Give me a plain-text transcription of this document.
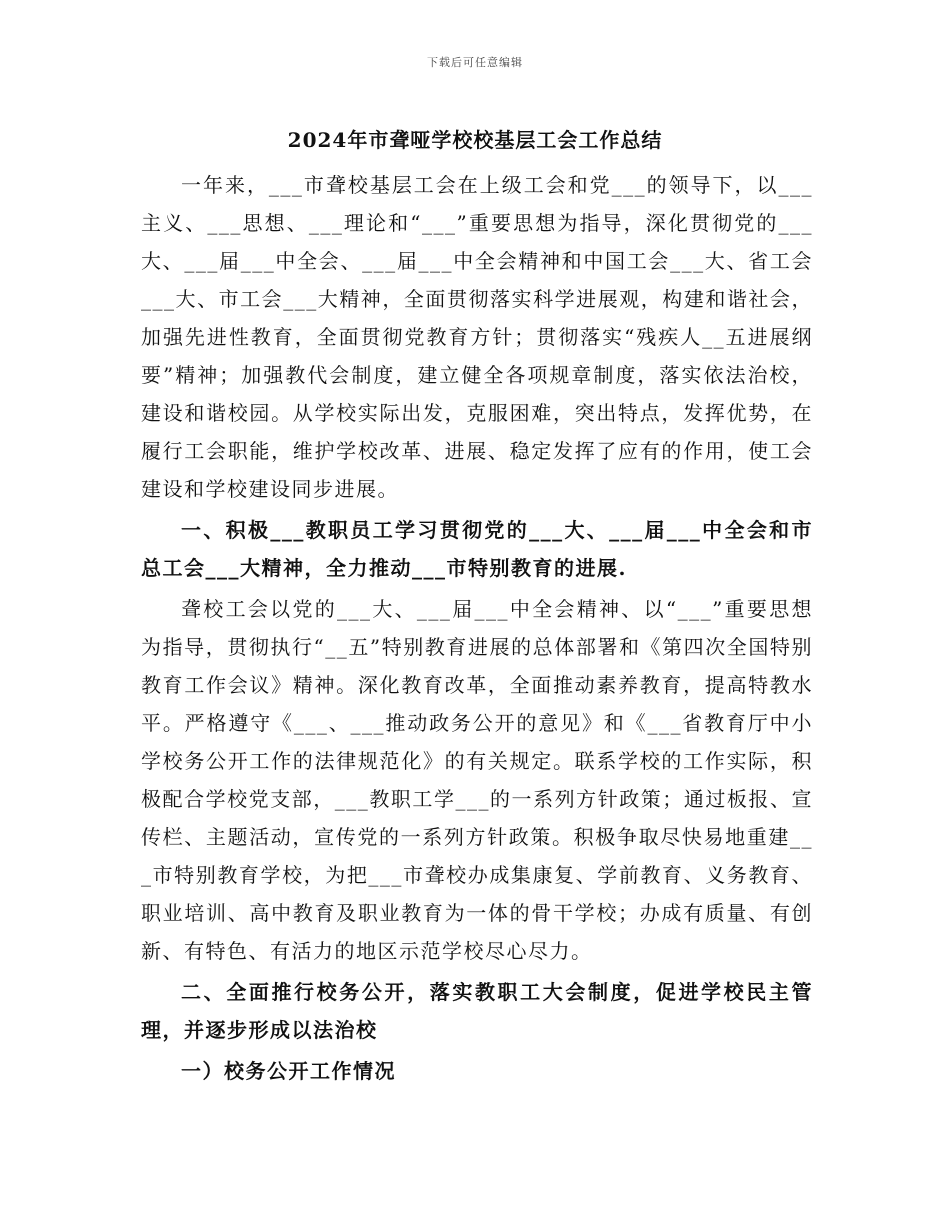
下载后可任意编辑
2024年市聋哑学校校基层工会工作总结

一年来，___市聋校基层工会在上级工会和党___的领导下，以___主义、___思想、___理论和“___”重要思想为指导，深化贯彻党的___大、___届___中全会、___届___中全会精神和中国工会___大、省工会___大、市工会___大精神，全面贯彻落实科学进展观，构建和谐社会，加强先进性教育，全面贯彻党教育方针；贯彻落实“残疾人__五进展纲要”精神；加强教代会制度，建立健全各项规章制度，落实依法治校，建设和谐校园。从学校实际出发，克服困难，突出特点，发挥优势，在履行工会职能，维护学校改革、进展、稳定发挥了应有的作用，使工会建设和学校建设同步进展。

一、积极___教职员工学习贯彻党的___大、___届___中全会和市总工会___大精神，全力推动___市特别教育的进展.

聋校工会以党的___大、___届___中全会精神、以“___”重要思想为指导，贯彻执行“__五”特别教育进展的总体部署和《第四次全国特别教育工作会议》精神。深化教育改革，全面推动素养教育，提高特教水平。严格遵守《___、___推动政务公开的意见》和《___省教育厅中小学校务公开工作的法律规范化》的有关规定。联系学校的工作实际，积极配合学校党支部，___教职工学___的一系列方针政策；通过板报、宣传栏、主题活动，宣传党的一系列方针政策。积极争取尽快易地重建___市特别教育学校，为把___市聋校办成集康复、学前教育、义务教育、职业培训、高中教育及职业教育为一体的骨干学校；办成有质量、有创新、有特色、有活力的地区示范学校尽心尽力。

二、全面推行校务公开，落实教职工大会制度，促进学校民主管理，并逐步形成以法治校

一）校务公开工作情况
